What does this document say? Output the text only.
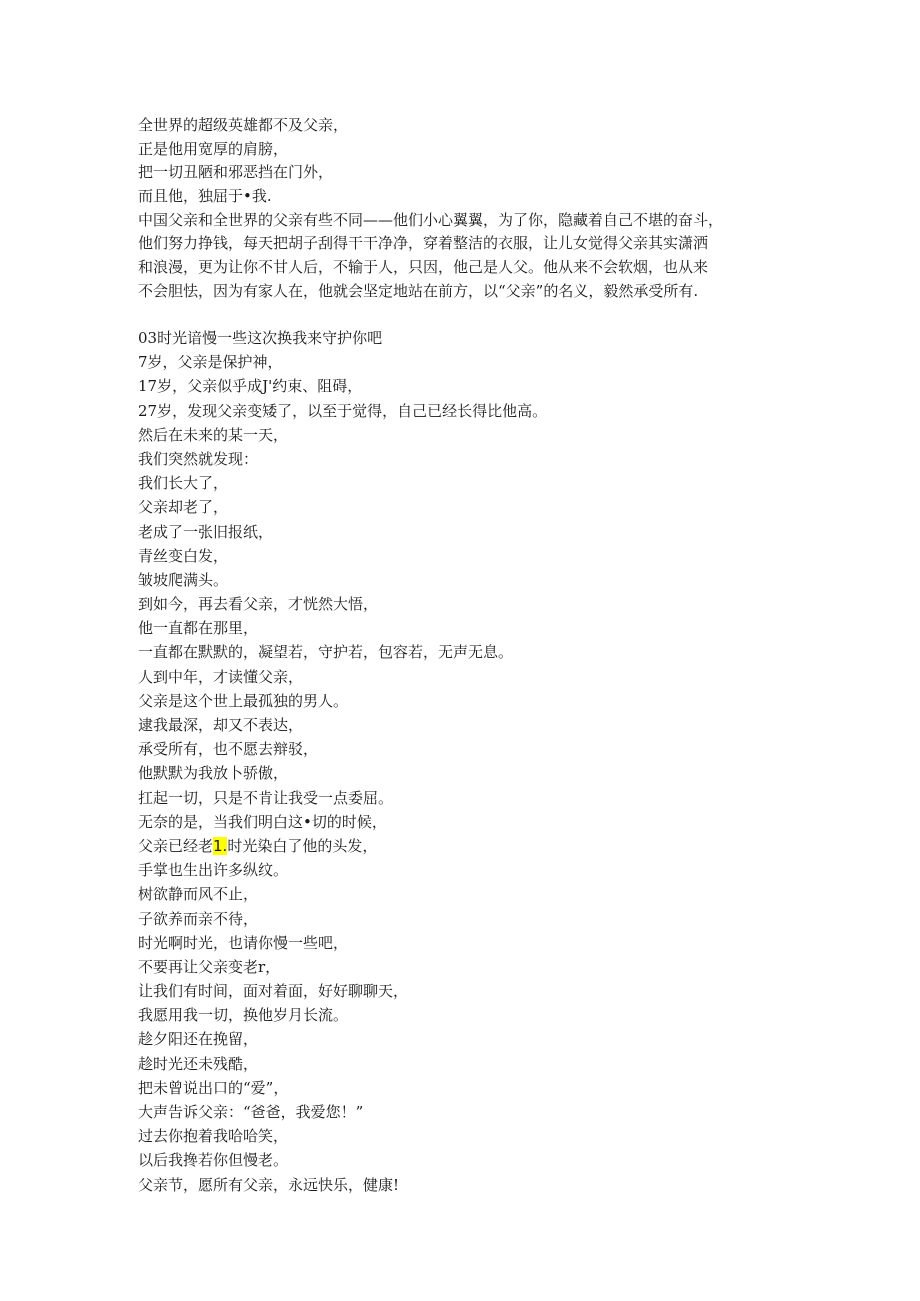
全世界的超级英雄都不及父亲，

正是他用宽厚的肩膀，

把一切丑陋和邪恶挡在门外，

而且他，独屈于•我.

中国父亲和全世界的父亲有些不同——他们小心翼翼，为了你，隐藏着自己不堪的奋斗，

他们努力挣钱，每天把胡子刮得干干净净，穿着整洁的衣服，让儿女觉得父亲其实潇洒

和浪漫，更为让你不甘人后，不输于人，只因，他己是人父。他从来不会软烟，也从来

不会胆怯，因为有家人在，他就会坚定地站在前方，以“父亲”的名义，毅然承受所有.

03时光谙慢一些这次换我来守护你吧

7岁，父亲是保护神，

17岁，父亲似乎成J'约束、阻碍，

27岁，发现父亲变矮了，以至于觉得，自己已经长得比他高。

然后在未来的某一天，

我们突然就发现：

我们长大了，

父亲却老了，

老成了一张旧报纸，

青丝变白发，

皱坡爬满头。

到如今，再去看父亲，才恍然大悟，

他一直都在那里，

一直都在默默的，凝望若，守护若，包容若，无声无息。

人到中年，才读懂父亲，

父亲是这个世上最孤独的男人。

逮我最深，却又不表达，

承受所有，也不愿去辩驳，

他默默为我放卜骄傲，

扛起一切，只是不肯让我受一点委屈。

无奈的是，当我们明白这•切的时候，

父亲已经老1.时光染白了他的头发，

手掌也生出许多纵纹。

树欲静而风不止，

子欲养而亲不待，

时光啊时光，也请你慢一些吧，

不要再让父亲变老r，

让我们有时间，面对着面，好好聊聊天，

我愿用我一切，换他岁月长流。

趁夕阳还在挽留，

趁时光还未残酷，

把未曾说出口的“爱”，

大声告诉父亲：“爸爸，我爱您！”

过去你抱着我哈哈笑，

以后我搀若你但慢老。

父亲节，愿所有父亲，永远快乐，健康!
